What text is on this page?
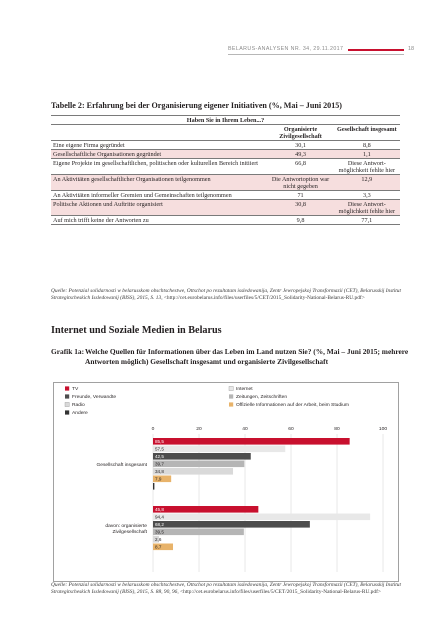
BELARUS-ANALYSEN NR. 34, 29.11.2017	18
Tabelle 2: Erfahrung bei der Organisierung eigener Initiativen (%, Mai – Juni 2015)
Haben Sie in Ihrem Leben...?		
	Organisierte Zivilgesellschaft	Gesellschaft insgesamt
Eine eigene Firma gegründet	30,1	8,8
Gesellschaftliche Organisationen gegründet	49,3	1,1
Eigene Projekte im gesellschaftlichen, politischen oder kulturellen Bereich initiiert	66,8	Diese Antwortmöglichkeit fehlte hier
An Aktivitäten gesellschaftlicher Organisationen teilgenommen	Die Antwortoption war nicht gegeben	12,9
An Aktivitäten informeller Gremien und Gemeinschaften teilgenommen	71	3,3
Politische Aktionen und Auftritte organisiert	30,8	Diese Antwortmöglichkeit fehlte hier
Auf mich trifft keine der Antworten zu	9,8	77,1
Quelle: Potenzial solidarnosti w belarusskom obschtschestwe, Ottschot po rezultatam issledowanija, Zentr Jewropejskoj Transformazii (CET), Belarusskij Institut Strategitscheskich Issledowanij (BISS), 2015, S. 13, <http://cet.eurobelarus.info/files/userfiles/5/CET/2015_Solidarity-National-Belarus-RU.pdf>
Internet und Soziale Medien in Belarus
Grafik 1a: Welche Quellen für Informationen über das Leben im Land nutzen Sie? (%, Mai – Juni 2015; mehrere Antworten möglich) Gesellschaft insgesamt und organisierte Zivilgesellschaft
TV	Internet
Freunde, Verwandte	Zeitungen, Zeitschriften
Radio	Offizielle Informationen auf der Arbeit, beim Studium
Andere
0	20	40	60	80	100
Gesellschaft insgesamt
85,5
57,5
42,5
39,7
34,8
7,9
0,6
davon: organisierte
Zivilgesellschaft
45,8
94,4
68,2
39,5
2,6
8,7
Quelle: Potenzial solidarnosti w belarusskom obschtschestwe, Ottschot po rezultatam issledowanija, Zentr Jewropejskoj Transformazii (CET), Belarusskij Institut Strategitscheskich Issledowanij (BISS), 2015, S. 88, 90, 96, <http://cet.eurobelarus.info/files/userfiles/5/CET/2015_Solidarity-National-Belarus-RU.pdf>
